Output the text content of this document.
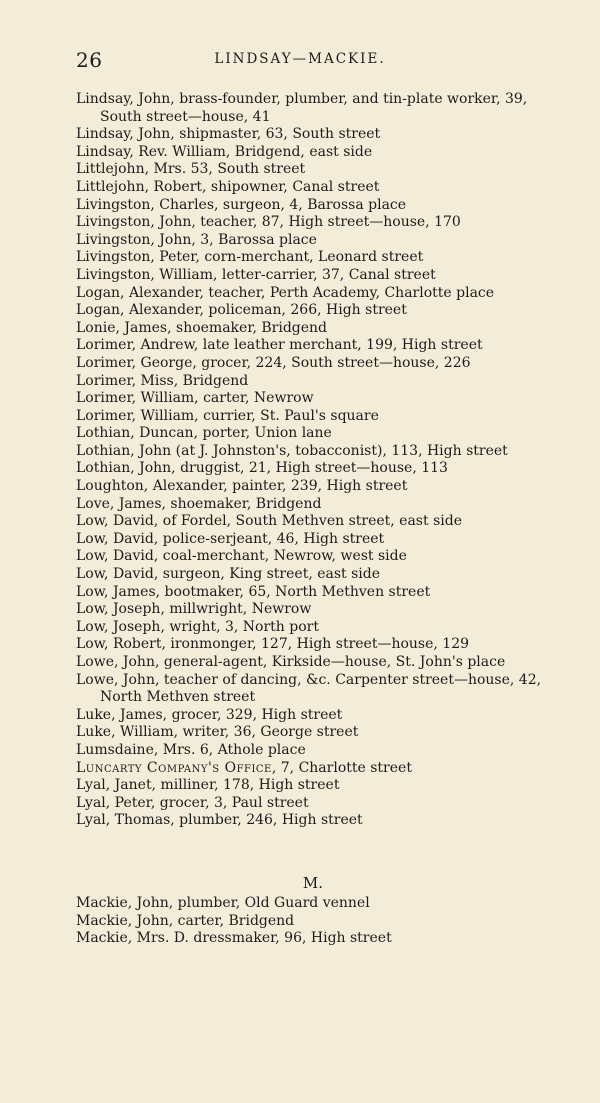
26	LINDSAY—MACKIE.
Lindsay, John, brass-founder, plumber, and tin-plate worker, 39,
South street—house, 41
Lindsay, John, shipmaster, 63, South street
Lindsay, Rev. William, Bridgend, east side
Littlejohn, Mrs. 53, South street
Littlejohn, Robert, shipowner, Canal street
Livingston, Charles, surgeon, 4, Barossa place
Livingston, John, teacher, 87, High street—house, 170
Livingston, John, 3, Barossa place
Livingston, Peter, corn-merchant, Leonard street
Livingston, William, letter-carrier, 37, Canal street
Logan, Alexander, teacher, Perth Academy, Charlotte place
Logan, Alexander, policeman, 266, High street
Lonie, James, shoemaker, Bridgend
Lorimer, Andrew, late leather merchant, 199, High street
Lorimer, George, grocer, 224, South street—house, 226
Lorimer, Miss, Bridgend
Lorimer, William, carter, Newrow
Lorimer, William, currier, St. Paul's square
Lothian, Duncan, porter, Union lane
Lothian, John (at J. Johnston's, tobacconist), 113, High street
Lothian, John, druggist, 21, High street—house, 113
Loughton, Alexander, painter, 239, High street
Love, James, shoemaker, Bridgend
Low, David, of Fordel, South Methven street, east side
Low, David, police-serjeant, 46, High street
Low, David, coal-merchant, Newrow, west side
Low, David, surgeon, King street, east side
Low, James, bootmaker, 65, North Methven street
Low, Joseph, millwright, Newrow
Low, Joseph, wright, 3, North port
Low, Robert, ironmonger, 127, High street—house, 129
Lowe, John, general-agent, Kirkside—house, St. John's place
Lowe, John, teacher of dancing, &c. Carpenter street—house, 42,
North Methven street
Luke, James, grocer, 329, High street
Luke, William, writer, 36, George street
Lumsdaine, Mrs. 6, Athole place
Luncarty Company's Office, 7, Charlotte street
Lyal, Janet, milliner, 178, High street
Lyal, Peter, grocer, 3, Paul street
Lyal, Thomas, plumber, 246, High street
M.
Mackie, John, plumber, Old Guard vennel
Mackie, John, carter, Bridgend
Mackie, Mrs. D. dressmaker, 96, High street
